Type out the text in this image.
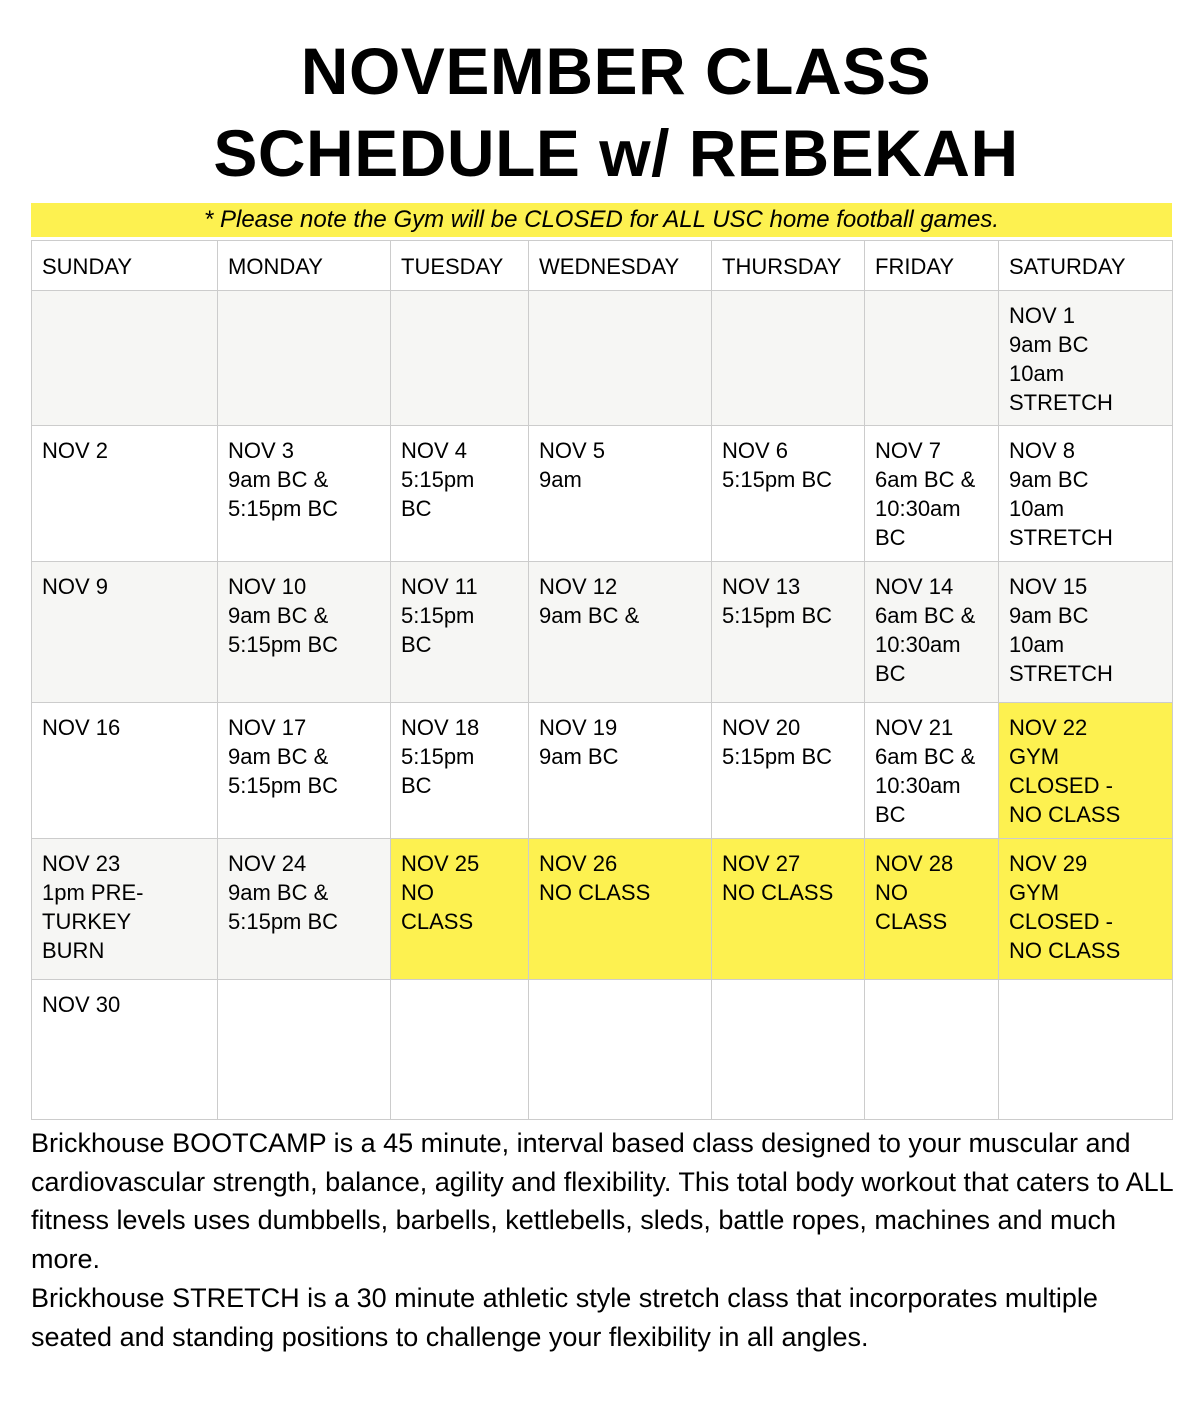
NOVEMBER CLASS
SCHEDULE w/ REBEKAH
* Please note the Gym will be CLOSED for ALL USC home football games.
SUNDAY	MONDAY	TUESDAY	WEDNESDAY	THURSDAY	FRIDAY	SATURDAY
						NOV 1
9am BC
10am
STRETCH
NOV 2	NOV 3
9am BC &
5:15pm BC	NOV 4
5:15pm
BC	NOV 5
9am	NOV 6
5:15pm BC	NOV 7
6am BC &
10:30am
BC	NOV 8
9am BC
10am
STRETCH
NOV 9	NOV 10
9am BC &
5:15pm BC	NOV 11
5:15pm
BC	NOV 12
9am BC &	NOV 13
5:15pm BC	NOV 14
6am BC &
10:30am
BC	NOV 15
9am BC
10am
STRETCH
NOV 16	NOV 17
9am BC &
5:15pm BC	NOV 18
5:15pm
BC	NOV 19
9am BC	NOV 20
5:15pm BC	NOV 21
6am BC &
10:30am
BC	NOV 22
GYM
CLOSED -
NO CLASS
NOV 23
1pm PRE-
TURKEY
BURN	NOV 24
9am BC &
5:15pm BC	NOV 25
NO
CLASS	NOV 26
NO CLASS	NOV 27
NO CLASS	NOV 28
NO
CLASS	NOV 29
GYM
CLOSED -
NO CLASS
NOV 30						

Brickhouse BOOTCAMP is a 45 minute, interval based class designed to your muscular and cardiovascular strength, balance, agility and flexibility. This total body workout that caters to ALL fitness levels uses dumbbells, barbells, kettlebells, sleds, battle ropes, machines and much more.

Brickhouse STRETCH is a 30 minute athletic style stretch class that incorporates multiple seated and standing positions to challenge your flexibility in all angles.
